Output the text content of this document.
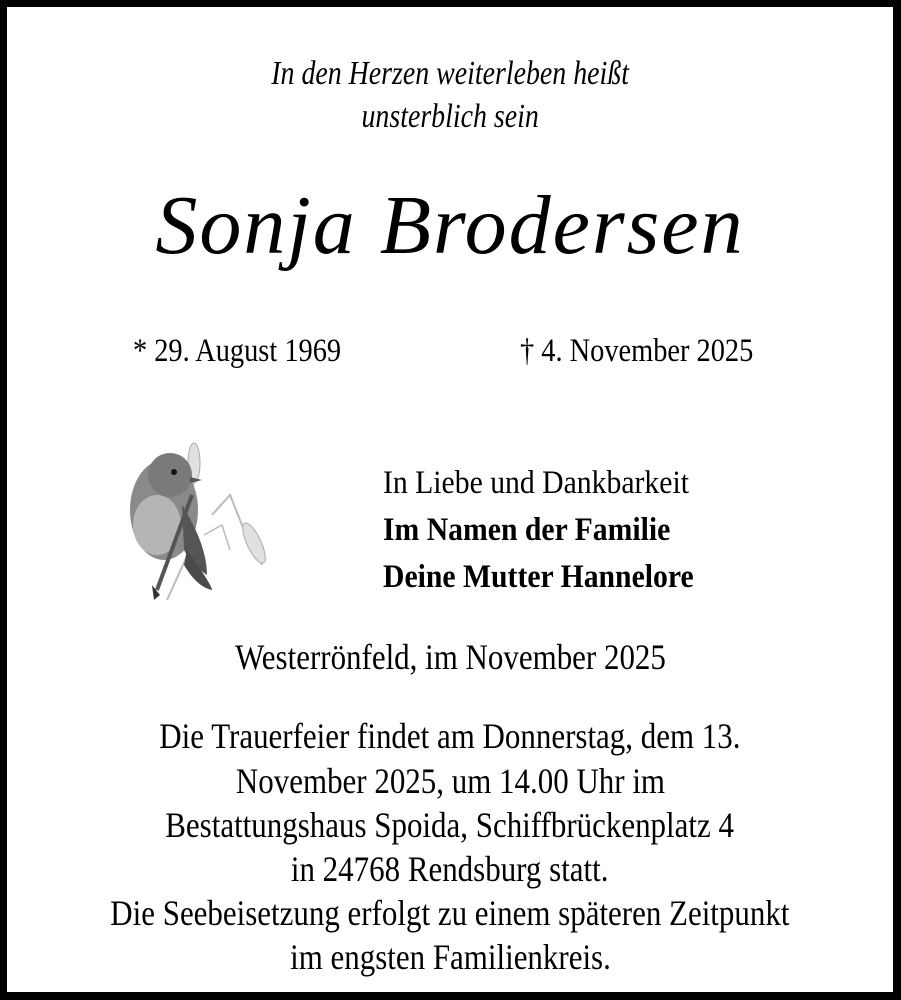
In den Herzen weiterleben heißt
unsterblich sein
Sonja Brodersen
* 29. August 1969	† 4. November 2025
In Liebe und Dankbarkeit
Im Namen der Familie
Deine Mutter Hannelore
Westerrönfeld, im November 2025
Die Trauerfeier findet am Donnerstag, dem 13.
November 2025, um 14.00 Uhr im
Bestattungshaus Spoida, Schiffbrückenplatz 4
in 24768 Rendsburg statt.
Die Seebeisetzung erfolgt zu einem späteren Zeitpunkt
im engsten Familienkreis.
